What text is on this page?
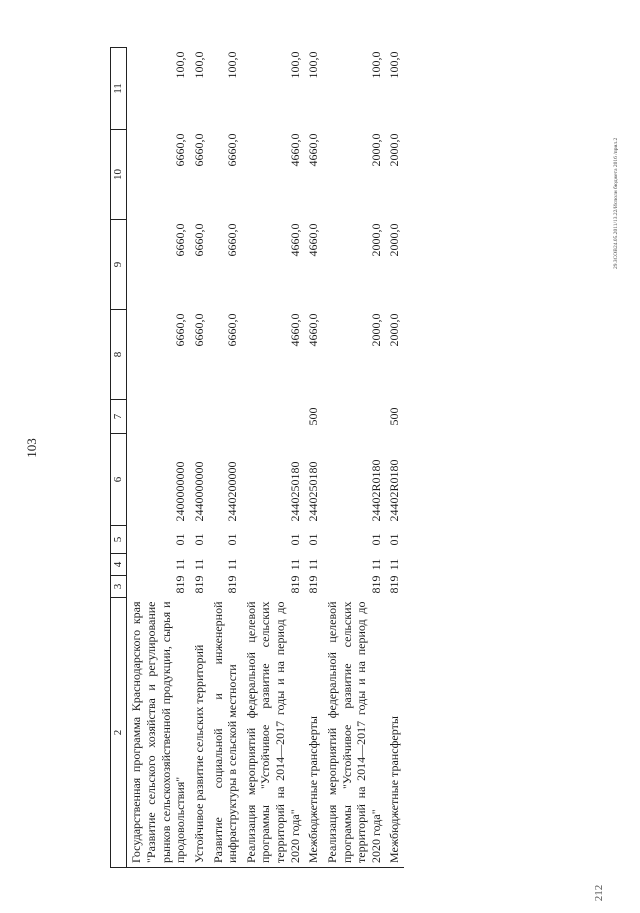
103
29.ЗСОВ24.05.2011/13.22/Исполн бюджета 2016 /прил.2
212
2	3	4	5	6	7	8	9	10	11
Государственная программа Краснодарского края "Развитие сельского хозяйства и регулирование рынков сельскохозяйственной продукции, сырья и продовольствия"	819	11	01	2400000000		6660,0	6660,0	6660,0	100,0
Устойчивое развитие сельских территорий	819	11	01	2440000000		6660,0	6660,0	6660,0	100,0
Развитие социальной и инженерной инфраструктуры в сельской местности	819	11	01	2440200000		6660,0	6660,0	6660,0	100,0
Реализация мероприятий федеральной целевой программы "Устойчивое развитие сельских территорий на 2014—2017 годы и на период до 2020 года"	819	11	01	2440250180		4660,0	4660,0	4660,0	100,0
Межбюджетные трансферты	819	11	01	2440250180	500	4660,0	4660,0	4660,0	100,0
Реализация мероприятий федеральной целевой программы "Устойчивое развитие сельских территорий на 2014—2017 годы и на период до 2020 года"	819	11	01	24402R0180		2000,0	2000,0	2000,0	100,0
Межбюджетные трансферты	819	11	01	24402R0180	500	2000,0	2000,0	2000,0	100,0
